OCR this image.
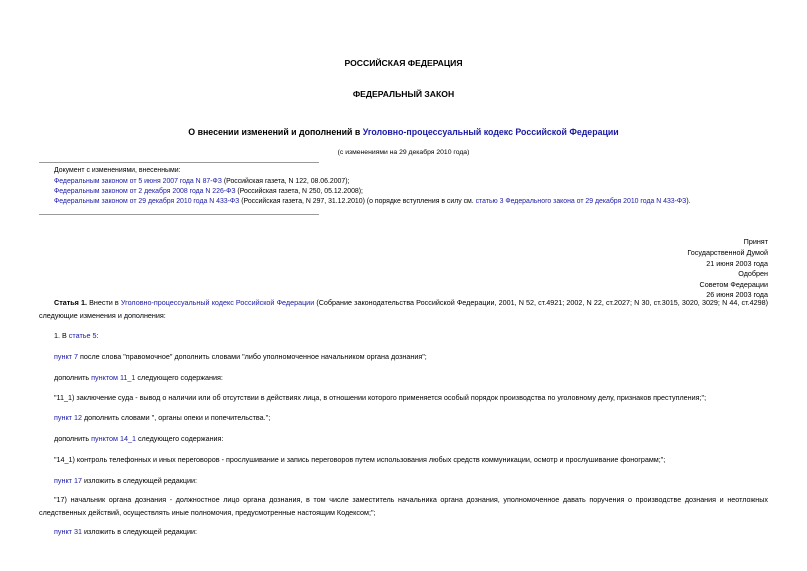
РОССИЙСКАЯ ФЕДЕРАЦИЯ
ФЕДЕРАЛЬНЫЙ ЗАКОН
О внесении изменений и дополнений в Уголовно-процессуальный кодекс Российской Федерации
(с изменениями на 29 декабря 2010 года)
Документ с изменениями, внесенными:
Федеральным законом от 5 июня 2007 года N 87-ФЗ (Российская газета, N 122, 08.06.2007);
Федеральным законом от 2 декабря 2008 года N 226-ФЗ (Российская газета, N 250, 05.12.2008);
Федеральным законом от 29 декабря 2010 года N 433-ФЗ (Российская газета, N 297, 31.12.2010) (о порядке вступления в силу см. статью 3 Федерального закона от 29 декабря 2010 года N 433-ФЗ).
Принят
Государственной Думой
21 июня 2003 года
Одобрен
Советом Федерации
26 июня 2003 года
Статья 1. Внести в Уголовно-процессуальный кодекс Российской Федерации (Собрание законодательства Российской Федерации, 2001, N 52, ст.4921; 2002, N 22, ст.2027; N 30, ст.3015, 3020, 3029; N 44, ст.4298) следующие изменения и дополнения:
1. В статье 5:
пункт 7 после слова "правомочное" дополнить словами "либо уполномоченное начальником органа дознания";
дополнить пунктом 11_1 следующего содержания:
"11_1) заключение суда - вывод о наличии или об отсутствии в действиях лица, в отношении которого применяется особый порядок производства по уголовному делу, признаков преступления;";
пункт 12 дополнить словами ", органы опеки и попечительства.";
дополнить пунктом 14_1 следующего содержания:
"14_1) контроль телефонных и иных переговоров - прослушивание и запись переговоров путем использования любых средств коммуникации, осмотр и прослушивание фонограмм;";
пункт 17 изложить в следующей редакции:
"17) начальник органа дознания - должностное лицо органа дознания, в том числе заместитель начальника органа дознания, уполномоченное давать поручения о производстве дознания и неотложных следственных действий, осуществлять иные полномочия, предусмотренные настоящим Кодексом;";
пункт 31 изложить в следующей редакции:
